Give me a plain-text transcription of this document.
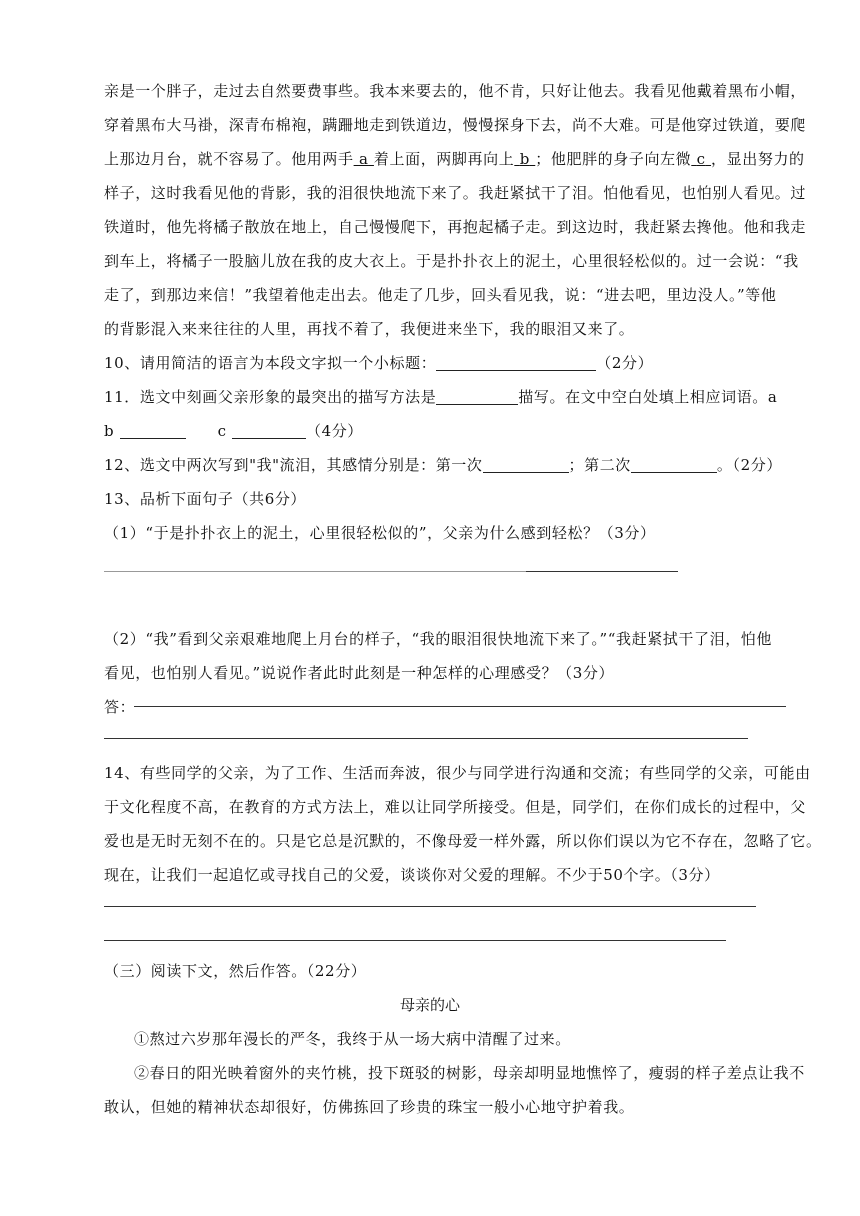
亲是一个胖子，走过去自然要费事些。我本来要去的，他不肯，只好让他去。我看见他戴着黑布小帽，
穿着黑布大马褂，深青布棉袍，蹒跚地走到铁道边，慢慢探身下去，尚不大难。可是他穿过铁道，要爬
上那边月台，就不容易了。他用两手 a 着上面，两脚再向上 b ；他肥胖的身子向左微 c ，显出努力的
样子，这时我看见他的背影，我的泪很快地流下来了。我赶紧拭干了泪。怕他看见，也怕别人看见。过
铁道时，他先将橘子散放在地上，自己慢慢爬下，再抱起橘子走。到这边时，我赶紧去搀他。他和我走
到车上，将橘子一股脑儿放在我的皮大衣上。于是扑扑衣上的泥土，心里很轻松似的。过一会说：“我
走了，到那边来信！”我望着他走出去。他走了几步，回头看见我，说：“进去吧，里边没人。”等他
的背影混入来来往往的人里，再找不着了，我便进来坐下，我的眼泪又来了。
10、请用简洁的语言为本段文字拟一个小标题：	（2分）
11．选文中刻画父亲形象的最突出的描写方法是	描写。在文中空白处填上相应词语。a
b	c	（4分）
12、选文中两次写到"我"流泪，其感情分别是：第一次	；第二次	。（2分）
13、品析下面句子（共6分）
（1）“于是扑扑衣上的泥土，心里很轻松似的”，父亲为什么感到轻松？（3分）
（2）“我”看到父亲艰难地爬上月台的样子，“我的眼泪很快地流下来了。”“我赶紧拭干了泪，怕他
看见，也怕别人看见。”说说作者此时此刻是一种怎样的心理感受？（3分）
答：
14、有些同学的父亲，为了工作、生活而奔波，很少与同学进行沟通和交流；有些同学的父亲，可能由
于文化程度不高，在教育的方式方法上，难以让同学所接受。但是，同学们，在你们成长的过程中，父
爱也是无时无刻不在的。只是它总是沉默的，不像母爱一样外露，所以你们误以为它不存在，忽略了它。
现在，让我们一起追忆或寻找自己的父爱，谈谈你对父爱的理解。不少于50个字。（3分）
（三）阅读下文，然后作答。（22分）
母亲的心
①熬过六岁那年漫长的严冬，我终于从一场大病中清醒了过来。
②春日的阳光映着窗外的夹竹桃，投下斑驳的树影，母亲却明显地憔悴了，瘦弱的样子差点让我不
敢认，但她的精神状态却很好，仿佛拣回了珍贵的珠宝一般小心地守护着我。
